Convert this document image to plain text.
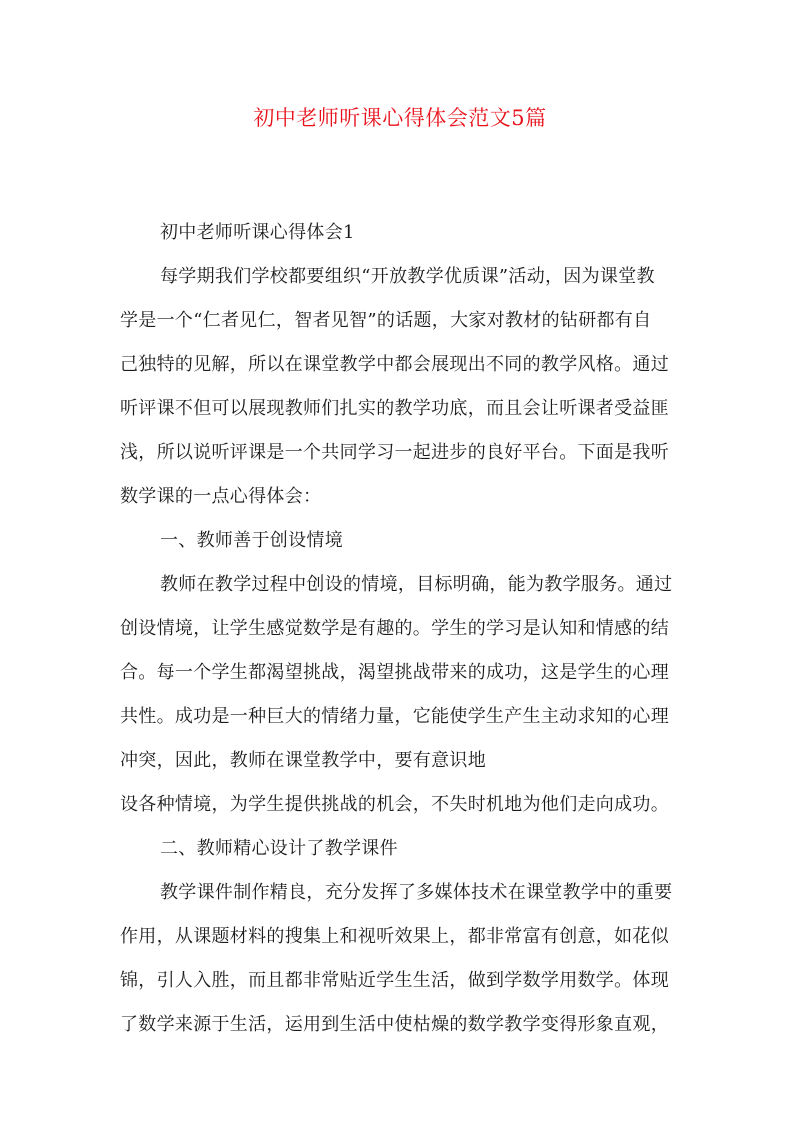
初中老师听课心得体会范文5篇
初中老师听课心得体会1
每学期我们学校都要组织“开放教学优质课”活动，因为课堂教
学是一个“仁者见仁，智者见智”的话题，大家对教材的钻研都有自
己独特的见解，所以在课堂教学中都会展现出不同的教学风格。通过
听评课不但可以展现教师们扎实的教学功底，而且会让听课者受益匪
浅，所以说听评课是一个共同学习一起进步的良好平台。下面是我听
数学课的一点心得体会：
一、教师善于创设情境
教师在教学过程中创设的情境，目标明确，能为教学服务。通过
创设情境，让学生感觉数学是有趣的。学生的学习是认知和情感的结
合。每一个学生都渴望挑战，渴望挑战带来的成功，这是学生的心理
共性。成功是一种巨大的情绪力量，它能使学生产生主动求知的心理
冲突，因此，教师在课堂教学中，要有意识地
设各种情境，为学生提供挑战的机会，不失时机地为他们走向成功。
二、教师精心设计了教学课件
教学课件制作精良，充分发挥了多媒体技术在课堂教学中的重要
作用，从课题材料的搜集上和视听效果上，都非常富有创意，如花似
锦，引人入胜，而且都非常贴近学生生活，做到学数学用数学。体现
了数学来源于生活，运用到生活中使枯燥的数学教学变得形象直观，
